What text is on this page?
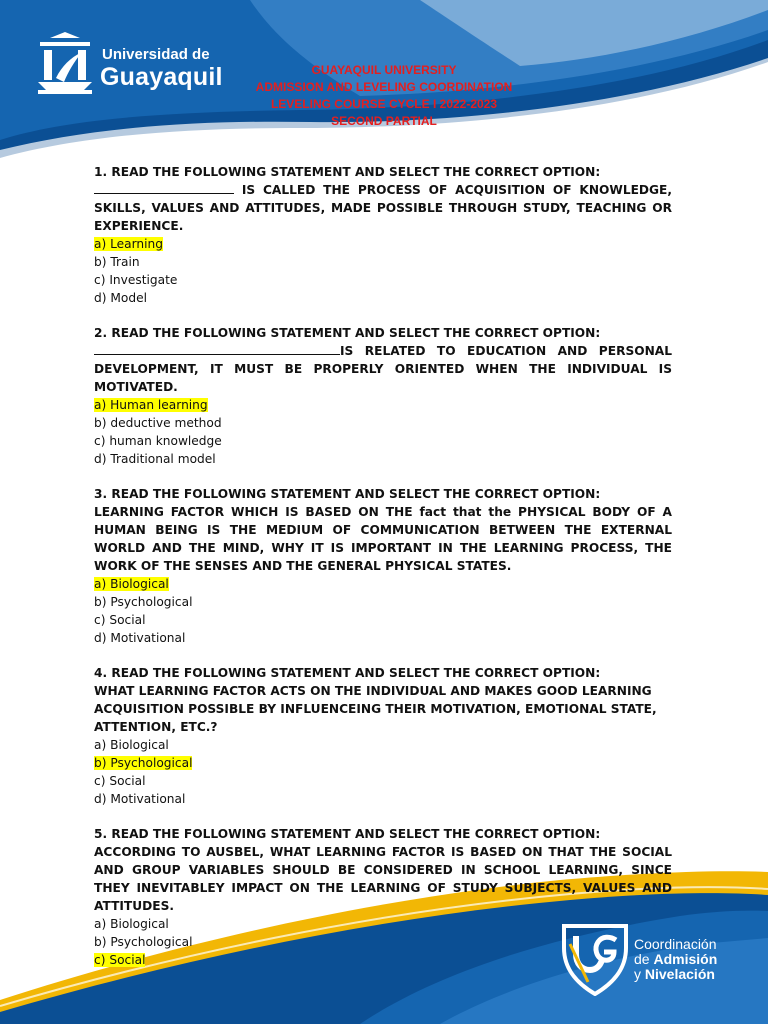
Universidad de
Guayaquil	GUAYAQUIL UNIVERSITY
ADMISSION AND LEVELING COORDINATION
LEVELING COURSE CYCLE I 2022-2023
SECOND PARTIAL
Coordinación
de Admisión
y Nivelación
1. READ THE FOLLOWING STATEMENT AND SELECT THE CORRECT OPTION:
IS CALLED THE PROCESS OF ACQUISITION OF KNOWLEDGE, SKILLS, VALUES AND ATTITUDES, MADE POSSIBLE THROUGH STUDY, TEACHING OR EXPERIENCE.
a) Learning
b) Train
c) Investigate
d) Model
2. READ THE FOLLOWING STATEMENT AND SELECT THE CORRECT OPTION:
IS RELATED TO EDUCATION AND PERSONAL DEVELOPMENT, IT MUST BE PROPERLY ORIENTED WHEN THE INDIVIDUAL IS MOTIVATED.
a) Human learning
b) deductive method
c) human knowledge
d) Traditional model
3. READ THE FOLLOWING STATEMENT AND SELECT THE CORRECT OPTION:
LEARNING FACTOR WHICH IS BASED ON THE fact that the PHYSICAL BODY OF A HUMAN BEING IS THE MEDIUM OF COMMUNICATION BETWEEN THE EXTERNAL WORLD AND THE MIND, WHY IT IS IMPORTANT IN THE LEARNING PROCESS, THE WORK OF THE SENSES AND THE GENERAL PHYSICAL STATES.
a) Biological
b) Psychological
c) Social
d) Motivational
4. READ THE FOLLOWING STATEMENT AND SELECT THE CORRECT OPTION:
WHAT LEARNING FACTOR ACTS ON THE INDIVIDUAL AND MAKES GOOD LEARNING ACQUISITION POSSIBLE BY INFLUENCEING THEIR MOTIVATION, EMOTIONAL STATE, ATTENTION, ETC.?
a) Biological
b) Psychological
c) Social
d) Motivational
5. READ THE FOLLOWING STATEMENT AND SELECT THE CORRECT OPTION:
ACCORDING TO AUSBEL, WHAT LEARNING FACTOR IS BASED ON THAT THE SOCIAL AND GROUP VARIABLES SHOULD BE CONSIDERED IN SCHOOL LEARNING, SINCE THEY INEVITABLEY IMPACT ON THE LEARNING OF STUDY SUBJECTS, VALUES AND ATTITUDES.
a) Biological
b) Psychological
c) Social
